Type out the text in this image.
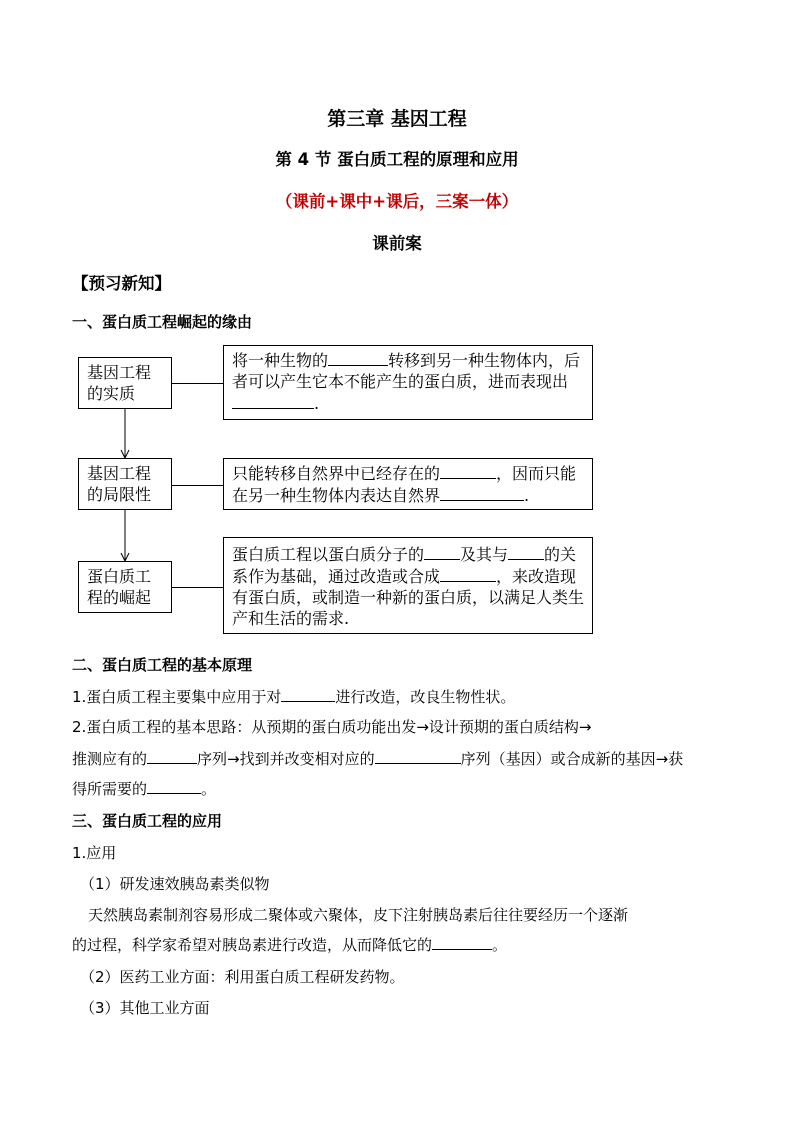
第三章 基因工程
第 4 节 蛋白质工程的原理和应用
（课前+课中+课后，三案一体）
课前案
【预习新知】
一、蛋白质工程崛起的缘由
基因工程的实质
基因工程的局限性
蛋白质工程的崛起
将一种生物的	转移到另一种生物体内，后者可以产生它本不能产生的蛋白质，进而表现出.
只能转移自然界中已经存在的	，因而只能在另一种生物体内表达自然界	.
蛋白质工程以蛋白质分子的 及其与 的关系作为基础，通过改造或合成	，来改造现有蛋白质，或制造一种新的蛋白质，以满足人类生产和生活的需求.
二、蛋白质工程的基本原理
1.蛋白质工程主要集中应用于对	进行改造，改良生物性状。
2.蛋白质工程的基本思路：从预期的蛋白质功能出发→设计预期的蛋白质结构→
推测应有的	序列→找到并改变相对应的	序列（基因）或合成新的基因→获
得所需要的	。
三、蛋白质工程的应用
1.应用
（1）研发速效胰岛素类似物
天然胰岛素制剂容易形成二聚体或六聚体，皮下注射胰岛素后往往要经历一个逐渐
的过程，科学家希望对胰岛素进行改造，从而降低它的	。
（2）医药工业方面：利用蛋白质工程研发药物。
（3）其他工业方面
